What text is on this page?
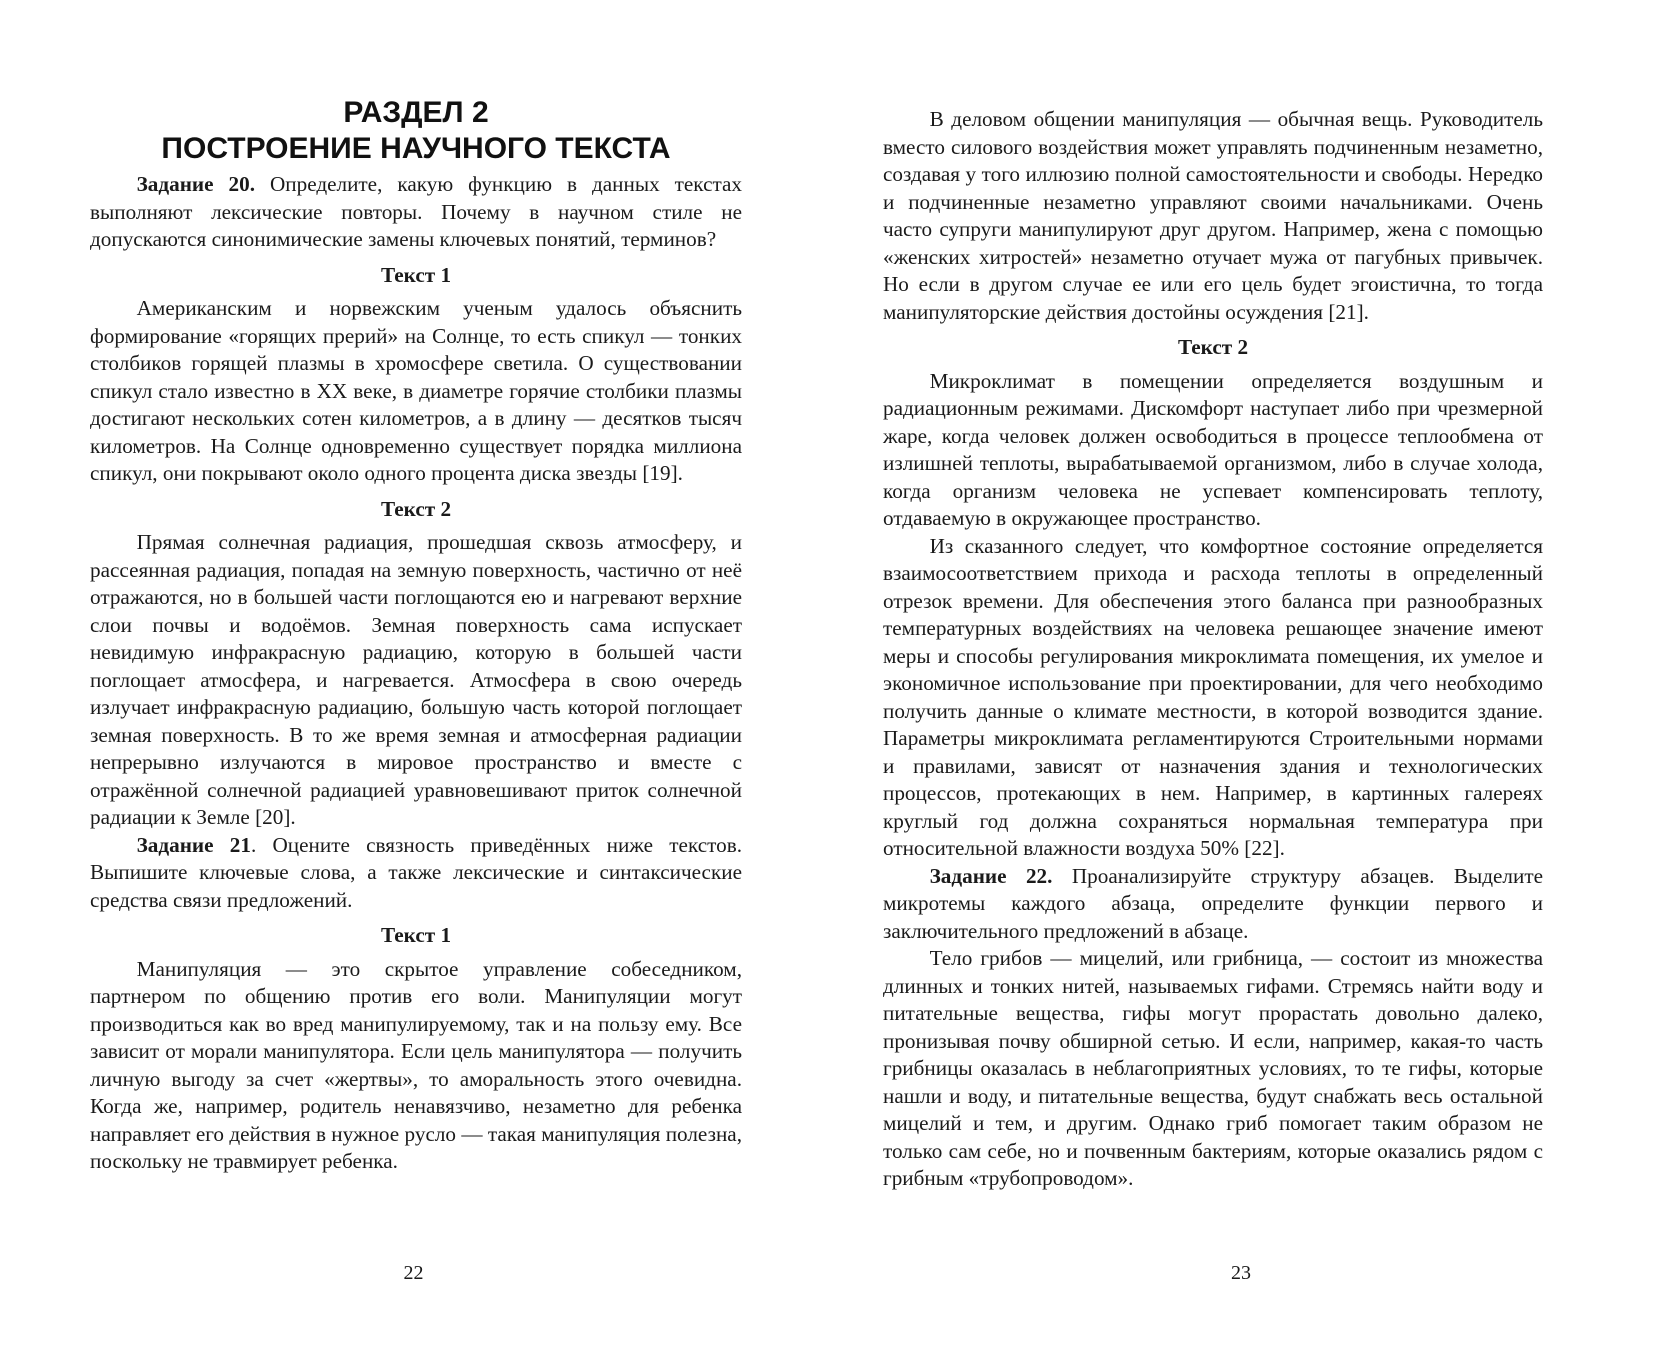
РАЗДЕЛ 2
ПОСТРОЕНИЕ НАУЧНОГО ТЕКСТА

Задание 20. Определите, какую функцию в данных текстах выполняют лексические повторы. Почему в научном стиле не допускаются синонимические замены ключевых понятий, терминов?

Текст 1

Американским и норвежским ученым удалось объяснить формирование «горящих прерий» на Солнце, то есть спикул — тонких столбиков горящей плазмы в хромосфере светила. О существовании спикул стало известно в XX веке, в диаметре горячие столбики плазмы достигают нескольких сотен километров, а в длину — десятков тысяч километров. На Солнце одновременно существует порядка миллиона спикул, они покрывают около одного процента диска звезды [19].

Текст 2

Прямая солнечная радиация, прошедшая сквозь атмосферу, и рассеянная радиация, попадая на земную поверхность, частично от неё отражаются, но в большей части поглощаются ею и нагревают верхние слои почвы и водоёмов. Земная поверхность сама испускает невидимую инфракрасную радиацию, которую в большей части поглощает атмосфера, и нагревается. Атмосфера в свою очередь излучает инфракрасную радиацию, большую часть которой поглощает земная поверхность. В то же время земная и атмосферная радиации непрерывно излучаются в мировое пространство и вместе с отражённой солнечной радиацией уравновешивают приток солнечной радиации к Земле [20].

Задание 21. Оцените связность приведённых ниже текстов. Выпишите ключевые слова, а также лексические и синтаксические средства связи предложений.

Текст 1

Манипуляция — это скрытое управление собеседником, партнером по общению против его воли. Манипуляции могут производиться как во вред манипулируемому, так и на пользу ему. Все зависит от морали манипулятора. Если цель манипулятора — получить личную выгоду за счет «жертвы», то аморальность этого очевидна. Когда же, например, родитель ненавязчиво, незаметно для ребенка направляет его действия в нужное русло — такая манипуляция полезна, поскольку не травмирует ребенка.

22

В деловом общении манипуляция — обычная вещь. Руководитель вместо силового воздействия может управлять подчиненным незаметно, создавая у того иллюзию полной самостоятельности и свободы. Нередко и подчиненные незаметно управляют своими начальниками. Очень часто супруги манипулируют друг другом. Например, жена с помощью «женских хитростей» незаметно отучает мужа от пагубных привычек. Но если в другом случае ее или его цель будет эгоистична, то тогда манипуляторские действия достойны осуждения [21].

Текст 2

Микроклимат в помещении определяется воздушным и радиационным режимами. Дискомфорт наступает либо при чрезмерной жаре, когда человек должен освободиться в процессе теплообмена от излишней теплоты, вырабатываемой организмом, либо в случае холода, когда организм человека не успевает компенсировать теплоту, отдаваемую в окружающее пространство.

Из сказанного следует, что комфортное состояние определяется взаимосоответствием прихода и расхода теплоты в определенный отрезок времени. Для обеспечения этого баланса при разнообразных температурных воздействиях на человека решающее значение имеют меры и способы регулирования микроклимата помещения, их умелое и экономичное использование при проектировании, для чего необходимо получить данные о климате местности, в которой возводится здание. Параметры микроклимата регламентируются Строительными нормами и правилами, зависят от назначения здания и технологических процессов, протекающих в нем. Например, в картинных галереях круглый год должна сохраняться нормальная температура при относительной влажности воздуха 50% [22].

Задание 22. Проанализируйте структуру абзацев. Выделите микротемы каждого абзаца, определите функции первого и заключительного предложений в абзаце.

Тело грибов — мицелий, или грибница, — состоит из множества длинных и тонких нитей, называемых гифами. Стремясь найти воду и питательные вещества, гифы могут прорастать довольно далеко, пронизывая почву обширной сетью. И если, например, какая-то часть грибницы оказалась в неблагоприятных условиях, то те гифы, которые нашли и воду, и питательные вещества, будут снабжать весь остальной мицелий и тем, и другим. Однако гриб помогает таким образом не только сам себе, но и почвенным бактериям, которые оказались рядом с грибным «трубопроводом».

23
